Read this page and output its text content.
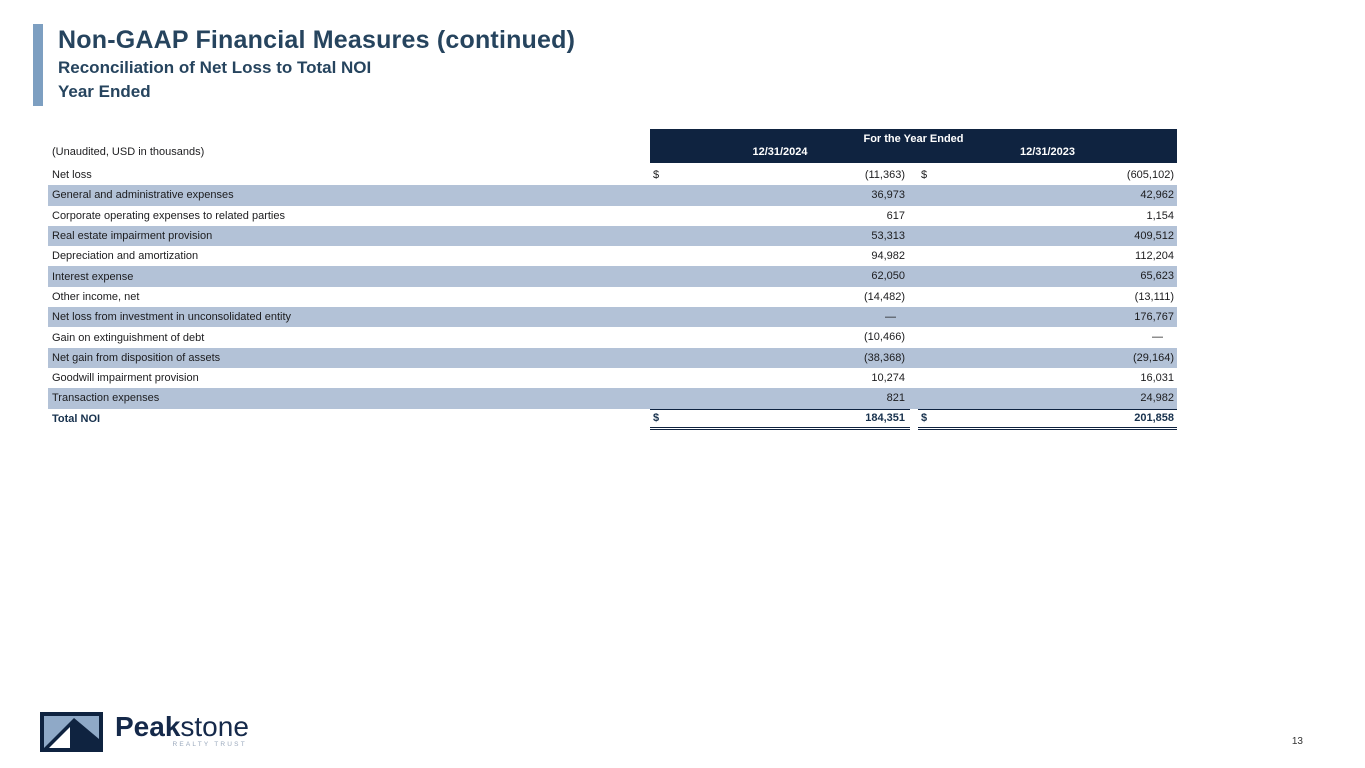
Non-GAAP Financial Measures (continued)
Reconciliation of Net Loss to Total NOI
Year Ended
(Unaudited, USD in thousands)
For the Year Ended
12/31/2024	12/31/2023
Net loss	$	(11,363)	$	(605,102)
General and administrative expenses	36,973	42,962
Corporate operating expenses to related parties	617	1,154
Real estate impairment provision	53,313	409,512
Depreciation and amortization	94,982	112,204
Interest expense	62,050	65,623
Other income, net	(14,482)	(13,111)
Net loss from investment in unconsolidated entity	—	176,767
Gain on extinguishment of debt	(10,466)	—
Net gain from disposition of assets	(38,368)	(29,164)
Goodwill impairment provision	10,274	16,031
Transaction expenses	821	24,982
Total NOI	$	184,351	$	201,858
Peakstone
REALTY TRUST	13
